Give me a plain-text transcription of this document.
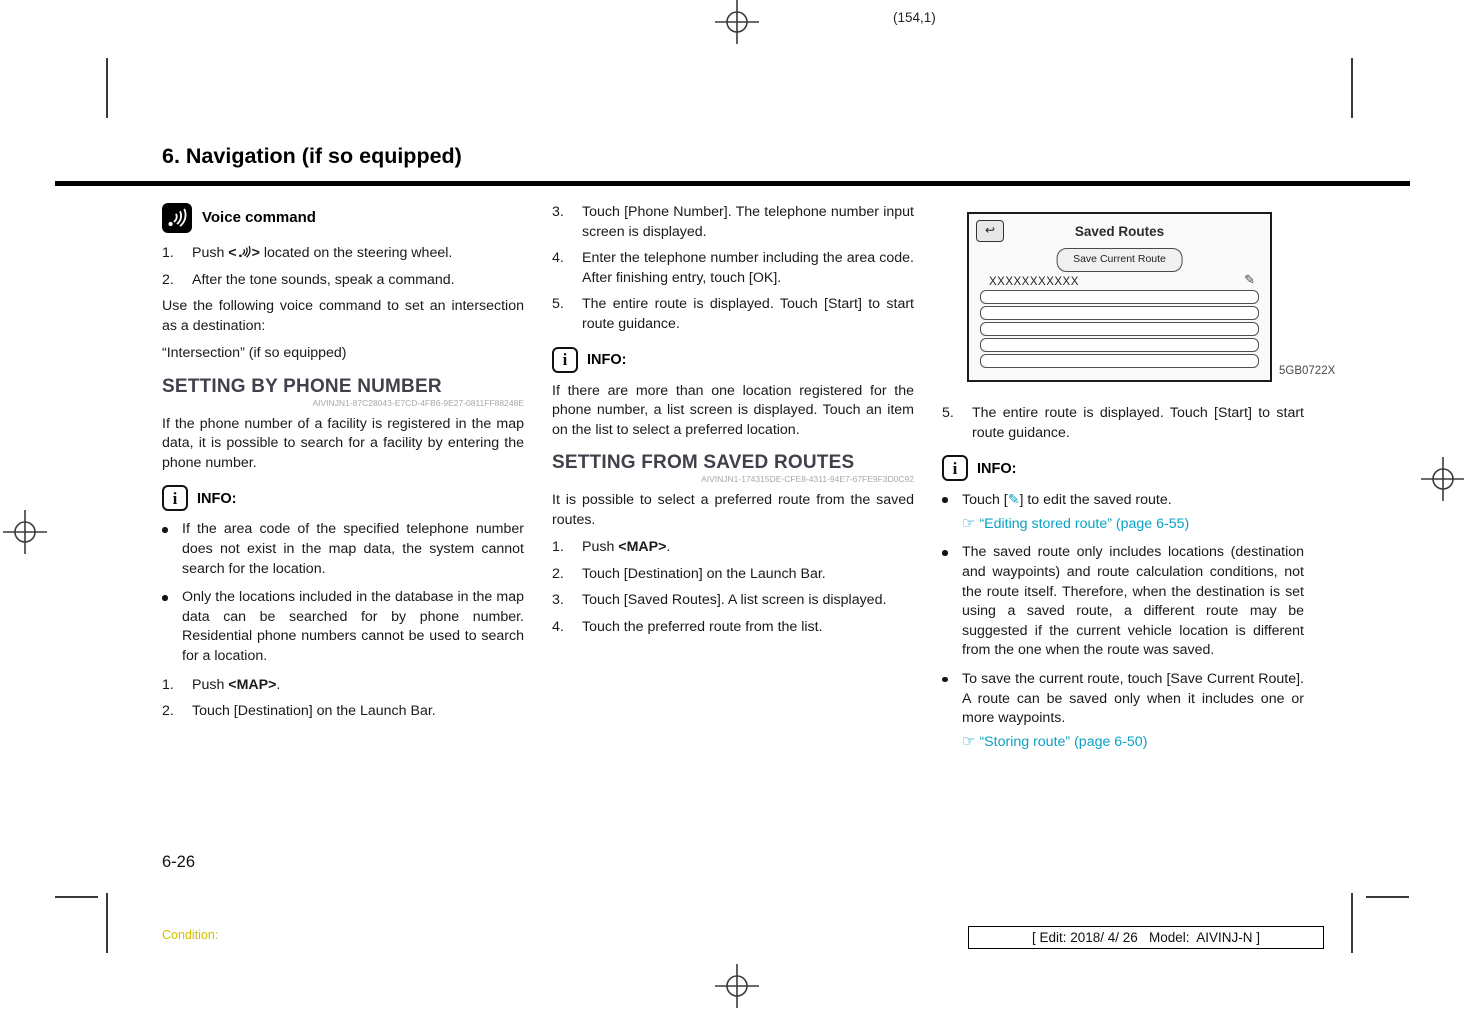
(154,1)
6. Navigation (if so equipped)
Voice command
1.	Push < > located on the steering wheel.
2.	After the tone sounds, speak a command.

Use the following voice command to set an intersection as a destination:

“Intersection” (if so equipped)

SETTING BY PHONE NUMBER
AIVINJN1-87C28043-E7CD-4FB6-9E27-0811FF88248E

If the phone number of a facility is registered in the map data, it is possible to search for a facility by entering the phone number.

i INFO:
If the area code of the specified telephone number does not exist in the map data, the system cannot search for the location.
Only the locations included in the database in the map data can be searched for by phone number. Residential phone numbers cannot be used to search for a location.
1.	Push <MAP>.
2.	Touch [Destination] on the Launch Bar.
3.	Touch [Phone Number]. The telephone number input screen is displayed.
4.	Enter the telephone number including the area code. After finishing entry, touch [OK].
5.	The entire route is displayed. Touch [Start] to start route guidance.
i INFO:

If there are more than one location registered for the phone number, a list screen is displayed. Touch an item on the list to select a preferred location.

SETTING FROM SAVED ROUTES
AIVINJN1-174315DE-CFE8-4311-94E7-67FE9F3D0C92

It is possible to select a preferred route from the saved routes.

1.	Push <MAP>.
2.	Touch [Destination] on the Launch Bar.
3.	Touch [Saved Routes]. A list screen is displayed.
4.	Touch the preferred route from the list.
↩	Saved Routes
Save Current Route
XXXXXXXXXXX	✎
5GB0722X
5.	The entire route is displayed. Touch [Start] to start route guidance.
i INFO:
Touch [✎] to edit the saved route.
☞ “Editing stored route” (page 6-55)
The saved route only includes locations (destination and waypoints) and route calculation conditions, not the route itself. Therefore, when the destination is set using a saved route, a different route may be suggested if the current vehicle location is different from the one when the route was saved.
To save the current route, touch [Save Current Route]. A route can be saved only when it includes one or more waypoints.
☞ “Storing route” (page 6-50)
6-26
Condition:	[ Edit: 2018/ 4/ 26   Model:  AIVINJ-N ]
